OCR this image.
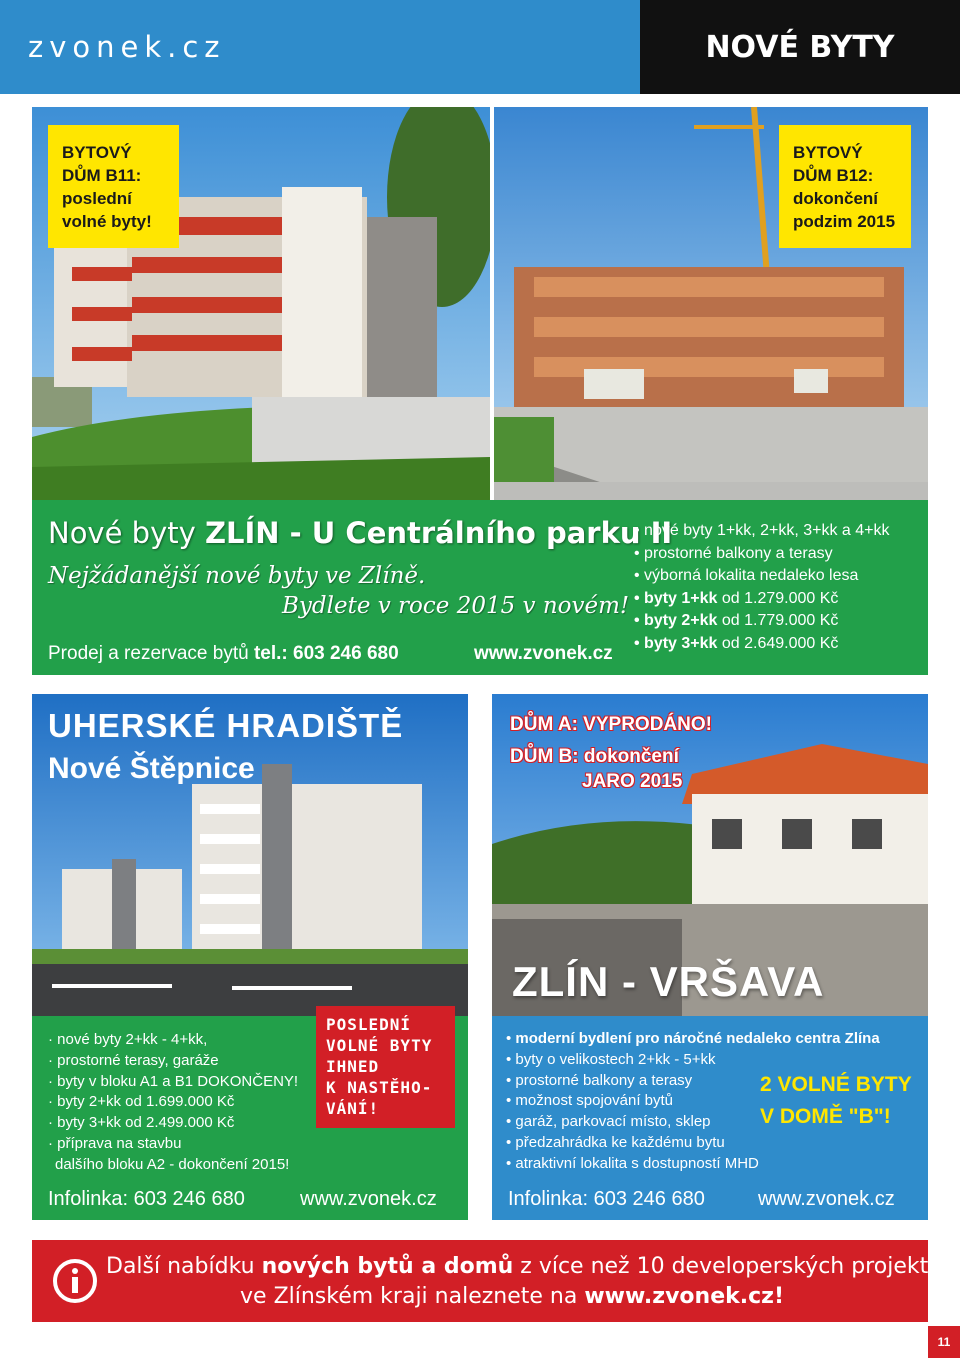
zvonek.cz	NOVÉ BYTY
BYTOVÝ
DŮM B11:
poslední
volné byty!
BYTOVÝ
DŮM B12:
dokončení
podzim 2015
Nové byty ZLÍN - U Centrálního parku II
Nejžádanější nové byty ve Zlíně.
Bydlete v roce 2015 v novém!
Prodej a rezervace bytů tel.: 603 246 680	www.zvonek.cz
• nové byty 1+kk, 2+kk, 3+kk a 4+kk
• prostorné balkony a terasy
• výborná lokalita nedaleko lesa
• byty 1+kk od 1.279.000 Kč
• byty 2+kk od 1.779.000 Kč
• byty 3+kk od 2.649.000 Kč
UHERSKÉ HRADIŠTĚ
Nové Štěpnice
· nové byty 2+kk - 4+kk,
· prostorné terasy, garáže
· byty v bloku A1 a B1 DOKONČENY!
· byty 2+kk od 1.699.000 Kč
· byty 3+kk od 2.499.000 Kč
· příprava na stavbu
dalšího bloku A2 - dokončení 2015!
POSLEDNÍ
VOLNÉ BYTY
IHNED
K NASTĚHO-
VÁNÍ!
Infolinka: 603 246 680	www.zvonek.cz
DŮM A: VYPRODÁNO!
DŮM B: dokončení
JARO 2015
ZLÍN - VRŠAVA
• moderní bydlení pro náročné nedaleko centra Zlína
• byty o velikostech 2+kk - 5+kk
• prostorné balkony a terasy
• možnost spojování bytů
• garáž, parkovací místo, sklep
• předzahrádka ke každému bytu
• atraktivní lokalita s dostupností MHD
2 VOLNÉ BYTY
V DOMĚ "B"!
Infolinka: 603 246 680	www.zvonek.cz
Další nabídku nových bytů a domů z více než 10 developerských projektů
ve Zlínském kraji naleznete na www.zvonek.cz!
11
